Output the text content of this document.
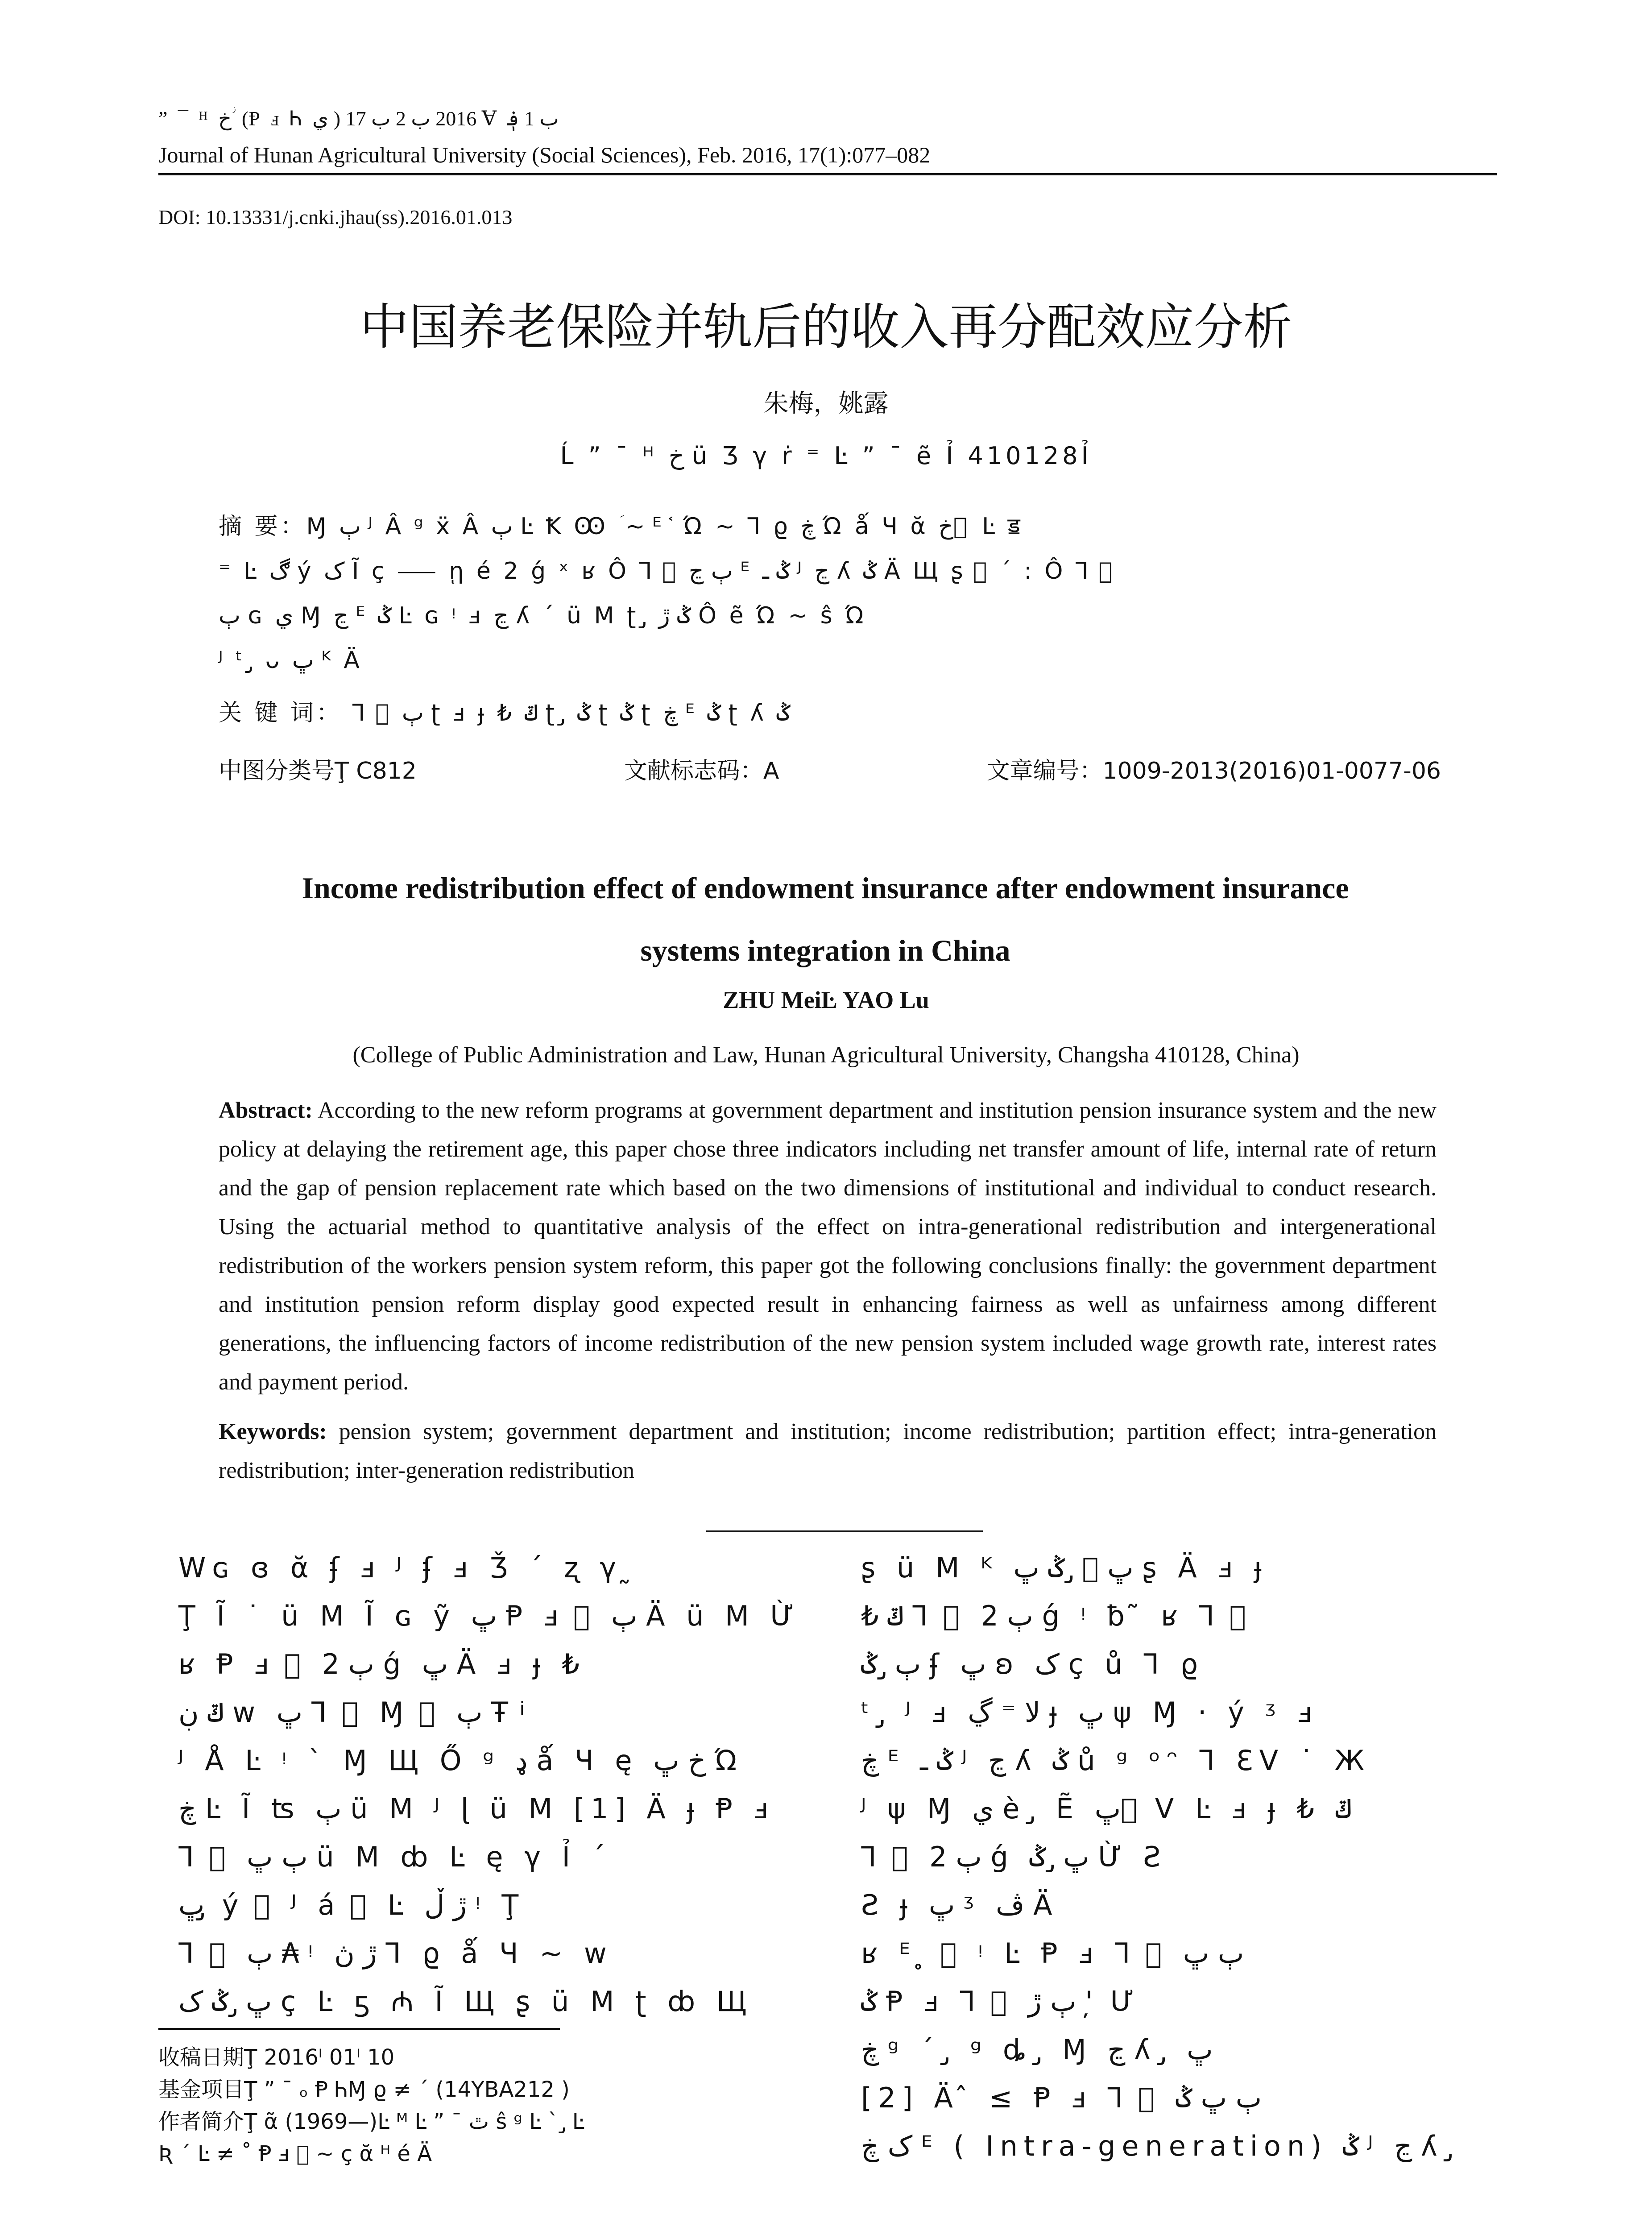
” ¯ ᴴ خ ؗ (Ᵽ ⅎ Ꮒ ي ) 2016 ب 2 ب 17 Ɐ ب 1 ؋
Journal of Hunan Agricultural University (Social Sciences), Feb. 2016, 17(1):077–082
DOI: 10.13331/j.cnki.jhau(ss).2016.01.013
中国养老保险并轨后的收入再分配效应分析
朱梅，姚露
Ĺ ” ¯ ᴴ خ ü Ʒ γ ṙ ⁼ Ŀ ” ¯ ẽ Ỉ 410128Ỉ
摘 要：Ɱ ٻ ᴶ Â ᵍ ẍ Â ٻ Ŀ Ꝁ Ꙭ ؘ ~ ᴱ ᷾ Ώ ~ Ꞁ ϱ ڿ Ώ ǻ Ч ᾰ خ ⃞ Ŀ ॾ
⁼ Ŀ ڰ ý ک Ĩ ç ⸺ ῃ é 2 ǵ ˣ ʁ Ô Ꞁ ⃞ ٻ ڃ ᴱ ݣ ـ ᴶ ڃ ʎ ݣ Ä Щ ʂ ⃞ ´ : Ô Ꞁ ⃞
ٻ ɢ ي Ɱ ڃ ᴱ ݣ Ŀ ɢ ᵎ ⅎ ڃ ʎ ´ ü M ʈ ̡ ݣ ڙ Ô ẽ Ώ ~ ŝ Ώ
ᴶ ᵗ ̡ ᴗ ڀ ᴷ Ä
关 键 词： Ꞁ ⃞ ٻ ʈ ⅎ ɟ ₺ ݿ ʈ ̡ ݣ ʈ ݣ ʈ ڿ ᴱ ݣ ʈ ʎ ݣ
中图分类号Ţ C812	文献标志码：A	文章编号：1009-2013(2016)01-0077-06
Income redistribution effect of endowment insurance after endowment insurance
systems integration in China
ZHU MeiĿ YAO Lu
(College of Public Administration and Law, Hunan Agricultural University, Changsha 410128, China)
Abstract: According to the new reform programs at government department and institution pension insurance system and the new policy at delaying the retirement age, this paper chose three indicators including net transfer amount of life, internal rate of return and the gap of pension replacement rate which based on the two dimensions of institutional and individual to conduct research. Using the actuarial method to quantitative analysis of the effect on intra-generational redistribution and intergenerational redistribution of the workers pension system reform, this paper got the following conclusions finally: the government department and institution pension reform display good expected result in enhancing fairness as well as unfairness among different generations, the influencing factors of income redistribution of the new pension system included wage growth rate, interest rates and payment period.
Keywords: pension system; government department and institution; income redistribution; partition effect; intra-generation redistribution; inter-generation redistribution
Wɢ ɞ ᾰ ʄ ⅎ ᴶ ʄ ⅎ Ǯ ´ ʐ γ ̰
Ţ Ĩ ˙ ü M Ĩ ɢ ỹ ڀ Ᵽ ⅎ ⃞ ٻ Ä ü M Ừ
ʁ Ᵽ ⅎ ⃞ ٻ 2 ǵ ڀ Ä ⅎ ɟ ₺
ݿ ڹ w ڀ Ꞁ ⃞ Ɱ ⃞ ٻ Ŧ ͥ
ᴶ Å Ŀ ᵎ ˋ Ɱ Щ Ő ᵍ ډ ǻ Ч ę خ ڀ Ώ
ڿ Ŀ Ĩ ʦ ٻ ü M ᴶ ɭ ü M [1] Ä ɟ Ᵽ ⅎ
Ꞁ ⃞ ٻ ڀ ü M ȸ Ŀ ę γ Ỉ ´
ڀ ̡ ý ⃞ ᴶ á ⃞ Ŀ ڙ ڵ ᵎ Ţ
Ꞁ ⃞ ٻ ₳ ᵎ ڙ ڽ Ꞁ ϱ ǻ Ч ~ w
ڀ ̡ ݣ ک ç Ŀ ƽ ₼ Ĩ Щ ʂ ü M ʈ ȸ Щ
ʂ ü M ᴷ ڀ ⃞ ̡ ݣ ڀ ʂ Ä ⅎ ɟ
₺ ݿ Ꞁ ⃞ ٻ 2 ǵ ᵎ ƀ ̃ ʁ Ꞁ ⃞
ٻ ̡ ݣ ʄ ڀ ʚ ک ç ů Ꞁ ϱ
ᵗ ̡ ᴶ ⅎ ﻻ ⁼ ڲ ɟ ڀ ψ Ɱ · ý ᶾ ⅎ
ڿ ᴱ ݣ ـ ᴶ ڃ ʎ ݣ ů ᵍ ᵒᵔ Ꞁ ƐV ˙ Ж
ᴶ ψ Ɱ ي è ̡ Ẽ ڀ ⃞ V Ŀ ⅎ ɟ ₺ ݿ
Ꞁ ⃞ ٻ 2 ǵ ڀ ̡ ݣ Ừ Ƨ
Ƨ ɟ ڀ ᶾ ڤ Ä
ʁ ᴱ ̥ ⃞ ᵎ Ŀ Ᵽ ⅎ Ꞁ ⃞ ٻ ڀ
ݣ Ᵽ ⅎ Ꞁ ⃞ ٻ ڙ ' ̦ Ư
ڿ ᵍ ´ ̡ ᵍ ȡ ̡ Ɱ ڃ ʎ ̡ ڀ
[2] Ä ̂ ≤ Ᵽ ⅎ Ꞁ ⃞ ٻ ڀ ݣ
ک ڿ ᴱ ( Intra-generation) ݣ ᴶ ڃ ʎ ̡
收稿日期Ţ 2016ᴵ 01ᴵ 10
基金项目Ţ ” ¯ ₒ Ᵽ ᏂⱮ ϱ ≠ ´ (14YBA212 )
作者简介Ţ ᾶ (1969—)Ŀ ᴹ Ŀ ” ¯ ٿ ŝ ᵍ Ŀ ˋ ̡ Ŀ
Ʀ ´ Ŀ ≠ ˚ Ᵽ ⅎ ⃞ ~ ç ᾰ ᴴ é Ä
